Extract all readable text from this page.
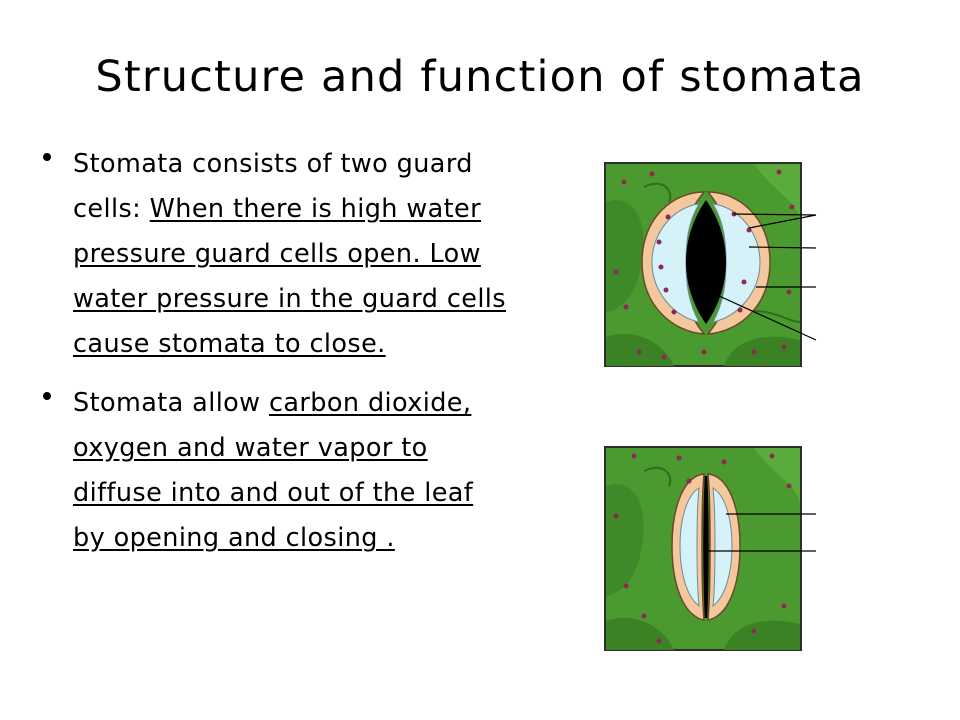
Structure and function of stomata
Stomata consists of two guard cells: When there is high water pressure guard cells open. Low water pressure in the guard cells cause stomata to close.
Stomata allow carbon dioxide, oxygen and water vapor to diffuse into and out of the leaf by opening and closing .
